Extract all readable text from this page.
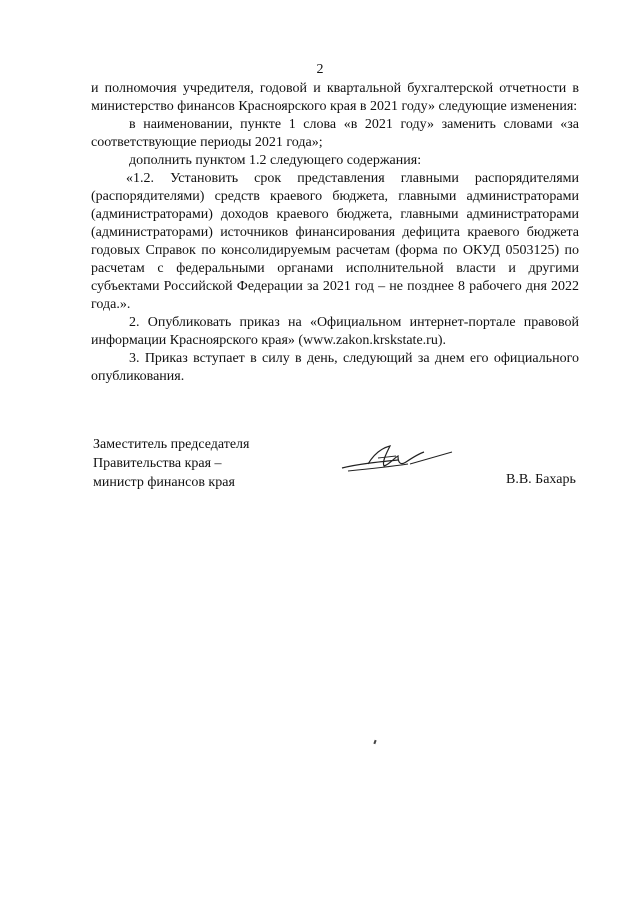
2

и полномочия учредителя, годовой и квартальной бухгалтерской отчетности в министерство финансов Красноярского края в 2021 году» следующие изменения:

в наименовании, пункте 1 слова «в 2021 году» заменить словами «за соответствующие периоды 2021 года»;

дополнить пунктом 1.2 следующего содержания:

«1.2. Установить срок представления главными распорядителями (распорядителями) средств краевого бюджета, главными администраторами (администраторами) доходов краевого бюджета, главными администраторами (администраторами) источников финансирования дефицита краевого бюджета годовых Справок по консолидируемым расчетам (форма по ОКУД 0503125) по расчетам с федеральными органами исполнительной власти и другими субъектами Российской Федерации за 2021 год – не позднее 8 рабочего дня 2022 года.».

2. Опубликовать приказ на «Официальном интернет-портале правовой информации Красноярского края» (www.zakon.krskstate.ru).

3. Приказ вступает в силу в день, следующий за днем его официального опубликования.

Заместитель председателя
Правительства края –
министр финансов края	В.В. Бахарь
